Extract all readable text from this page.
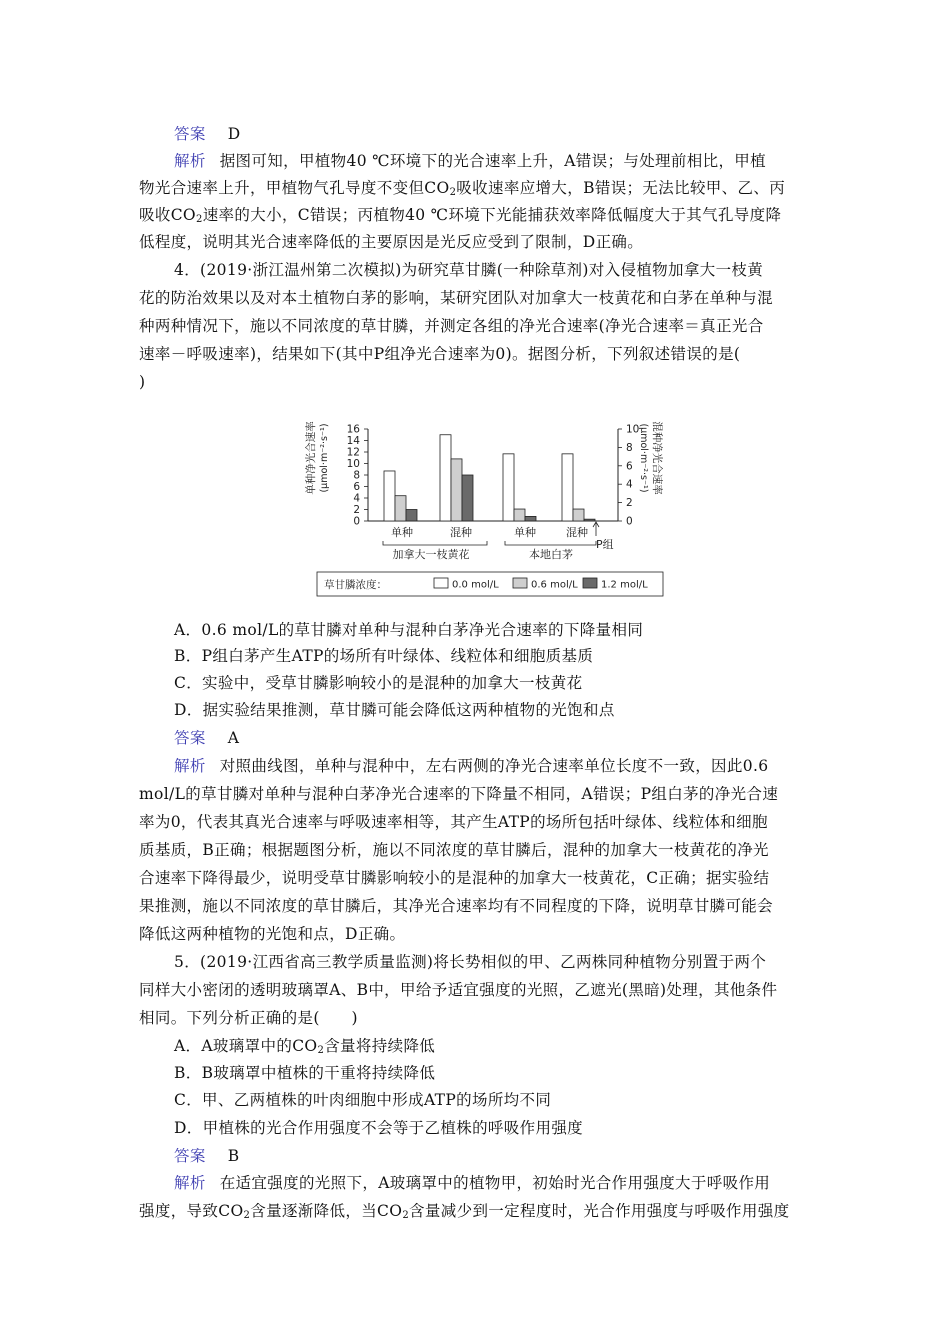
答案 D
解析 据图可知，甲植物40 ℃环境下的光合速率上升，A错误；与处理前相比，甲植
物光合速率上升，甲植物气孔导度不变但$CO_2$吸收速率应增大，B错误；无法比较甲、乙、丙
吸收$CO_2$速率的大小，C错误；丙植物40 ℃环境下光能捕获效率降低幅度大于其气孔导度降
低程度，说明其光合速率降低的主要原因是光反应受到了限制，D正确。
4．(2019·浙江温州第二次模拟)为研究草甘膦(一种除草剂)对入侵植物加拿大一枝黄
花的防治效果以及对本土植物白茅的影响，某研究团队对加拿大一枝黄花和白茅在单种与混
种两种情况下，施以不同浓度的草甘膦，并测定各组的净光合速率(净光合速率＝真正光合
速率－呼吸速率)，结果如下(其中P组净光合速率为0)。据图分析，下列叙述错误的是(
)
单种净光合速率 (μmol·m⁻²·s⁻¹)	混种净光合速率
(μmol·m⁻²·s⁻¹)
0
2
4
6
8
10
12
14
16
0
2
4
6
8
10
单种	混种	单种	混种
加拿大一枝黄花	本地白茅
P组
草甘膦浓度：	0.0 mol/L	0.6 mol/L 1.2 mol/L
A．0.6 mol/L的草甘膦对单种与混种白茅净光合速率的下降量相同
B．P组白茅产生ATP的场所有叶绿体、线粒体和细胞质基质
C．实验中，受草甘膦影响较小的是混种的加拿大一枝黄花
D．据实验结果推测，草甘膦可能会降低这两种植物的光饱和点
答案 A
解析 对照曲线图，单种与混种中，左右两侧的净光合速率单位长度不一致，因此0.6
mol/L的草甘膦对单种与混种白茅净光合速率的下降量不相同，A错误；P组白茅的净光合速
率为0，代表其真光合速率与呼吸速率相等，其产生ATP的场所包括叶绿体、线粒体和细胞
质基质，B正确；根据题图分析，施以不同浓度的草甘膦后，混种的加拿大一枝黄花的净光
合速率下降得最少，说明受草甘膦影响较小的是混种的加拿大一枝黄花，C正确；据实验结
果推测，施以不同浓度的草甘膦后，其净光合速率均有不同程度的下降，说明草甘膦可能会
降低这两种植物的光饱和点，D正确。
5．(2019·江西省高三教学质量监测)将长势相似的甲、乙两株同种植物分别置于两个
同样大小密闭的透明玻璃罩A、B中，甲给予适宜强度的光照，乙遮光(黑暗)处理，其他条件
相同。下列分析正确的是(　　)
A．A玻璃罩中的$CO_2$含量将持续降低
B．B玻璃罩中植株的干重将持续降低
C．甲、乙两植株的叶肉细胞中形成ATP的场所均不同
D．甲植株的光合作用强度不会等于乙植株的呼吸作用强度
答案 B
解析 在适宜强度的光照下，A玻璃罩中的植物甲，初始时光合作用强度大于呼吸作用
强度，导致$CO_2$含量逐渐降低，当$CO_2$含量减少到一定程度时，光合作用强度与呼吸作用强度
